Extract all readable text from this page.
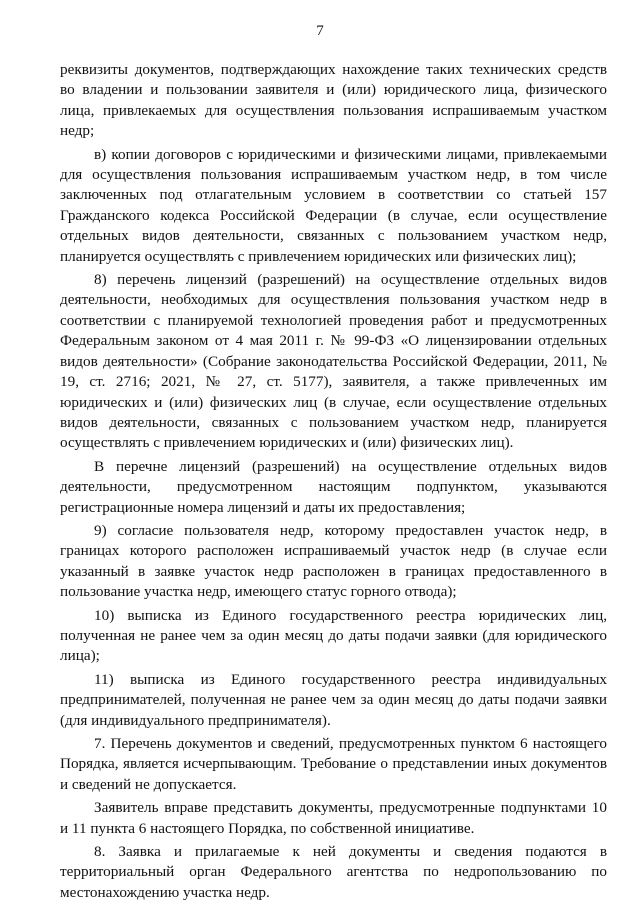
7

реквизиты документов, подтверждающих нахождение таких технических средств во владении и пользовании заявителя и (или) юридического лица, физического лица, привлекаемых для осуществления пользования испрашиваемым участком недр;

в) копии договоров с юридическими и физическими лицами, привлекаемыми для осуществления пользования испрашиваемым участком недр, в том числе заключенных под отлагательным условием в соответствии со статьей 157 Гражданского кодекса Российской Федерации (в случае, если осуществление отдельных видов деятельности, связанных с пользованием участком недр, планируется осуществлять с привлечением юридических или физических лиц);

8) перечень лицензий (разрешений) на осуществление отдельных видов деятельности, необходимых для осуществления пользования участком недр в соответствии с планируемой технологией проведения работ и предусмотренных Федеральным законом от 4 мая 2011 г. № 99-ФЗ «О лицензировании отдельных видов деятельности» (Собрание законодательства Российской Федерации, 2011, № 19, ст. 2716; 2021, № 27, ст. 5177), заявителя, а также привлеченных им юридических и (или) физических лиц (в случае, если осуществление отдельных видов деятельности, связанных с пользованием участком недр, планируется осуществлять с привлечением юридических и (или) физических лиц).

В перечне лицензий (разрешений) на осуществление отдельных видов деятельности, предусмотренном настоящим подпунктом, указываются регистрационные номера лицензий и даты их предоставления;

9) согласие пользователя недр, которому предоставлен участок недр, в границах которого расположен испрашиваемый участок недр (в случае если указанный в заявке участок недр расположен в границах предоставленного в пользование участка недр, имеющего статус горного отвода);

10) выписка из Единого государственного реестра юридических лиц, полученная не ранее чем за один месяц до даты подачи заявки (для юридического лица);

11) выписка из Единого государственного реестра индивидуальных предпринимателей, полученная не ранее чем за один месяц до даты подачи заявки (для индивидуального предпринимателя).

7. Перечень документов и сведений, предусмотренных пунктом 6 настоящего Порядка, является исчерпывающим. Требование о представлении иных документов и сведений не допускается.

Заявитель вправе представить документы, предусмотренные подпунктами 10 и 11 пункта 6 настоящего Порядка, по собственной инициативе.

8. Заявка и прилагаемые к ней документы и сведения подаются в территориальный орган Федерального агентства по недропользованию по местонахождению участка недр.
